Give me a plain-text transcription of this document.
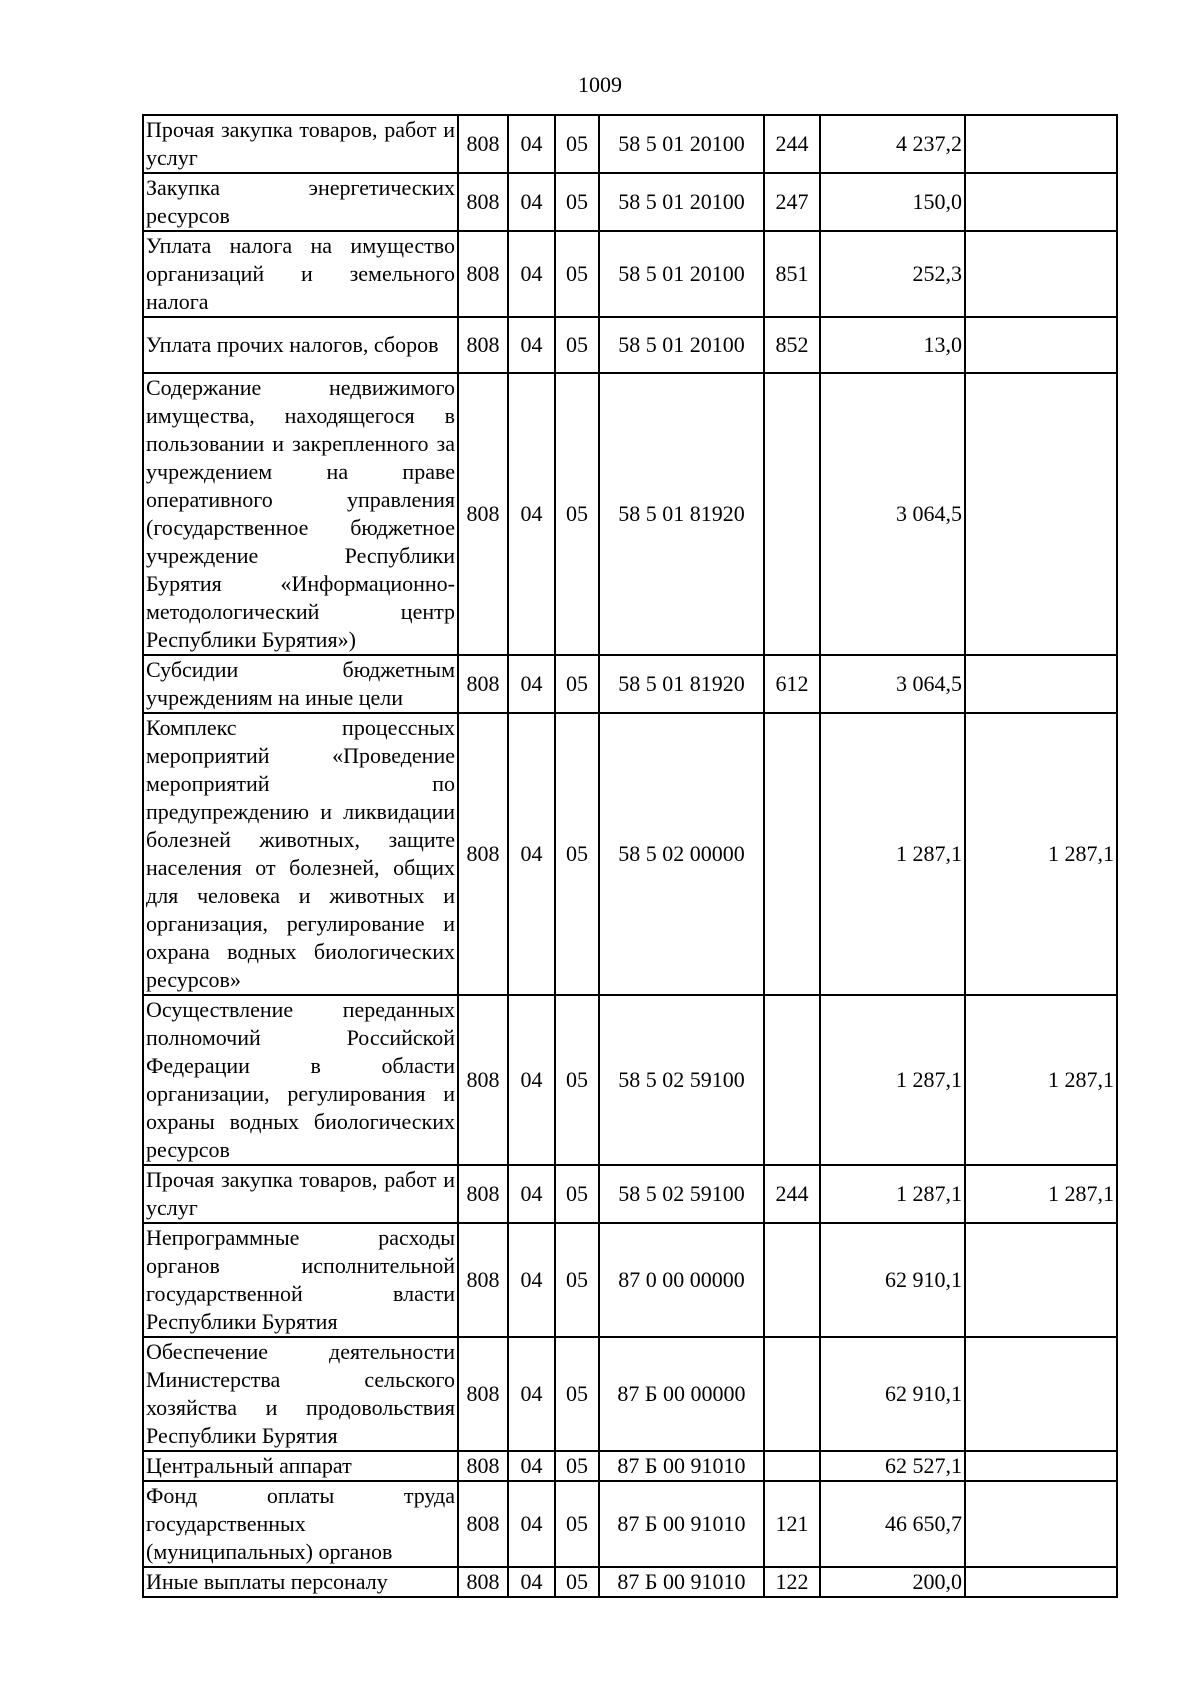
1009
Прочая закупка товаров, работ и услуг	808	04	05	58 5 01 20100	244	4 237,2	
Закупка энергетических ресурсов	808	04	05	58 5 01 20100	247	150,0	
Уплата налога на имущество организаций и земельного налога	808	04	05	58 5 01 20100	851	252,3	
Уплата прочих налогов, сборов	808	04	05	58 5 01 20100	852	13,0	
Содержание недвижимого имущества, находящегося в пользовании и закрепленного за учреждением на праве оперативного управления (государственное бюджетное учреждение Республики Бурятия «Информационно-методологический центр Республики Бурятия»)	808	04	05	58 5 01 81920		3 064,5	
Субсидии бюджетным учреждениям на иные цели	808	04	05	58 5 01 81920	612	3 064,5	
Комплекс процессных мероприятий «Проведение мероприятий по предупреждению и ликвидации болезней животных, защите населения от болезней, общих для человека и животных и организация, регулирование и охрана водных биологических ресурсов»	808	04	05	58 5 02 00000		1 287,1	1 287,1
Осуществление переданных полномочий Российской Федерации в области организации, регулирования и охраны водных биологических ресурсов	808	04	05	58 5 02 59100		1 287,1	1 287,1
Прочая закупка товаров, работ и услуг	808	04	05	58 5 02 59100	244	1 287,1	1 287,1
Непрограммные расходы органов исполнительной государственной власти Республики Бурятия	808	04	05	87 0 00 00000		62 910,1	
Обеспечение деятельности Министерства сельского хозяйства и продовольствия Республики Бурятия	808	04	05	87 Б 00 00000		62 910,1	
Центральный аппарат	808	04	05	87 Б 00 91010		62 527,1	
Фонд оплаты труда государственных (муниципальных) органов	808	04	05	87 Б 00 91010	121	46 650,7	
Иные выплаты персоналу	808	04	05	87 Б 00 91010	122	200,0	
